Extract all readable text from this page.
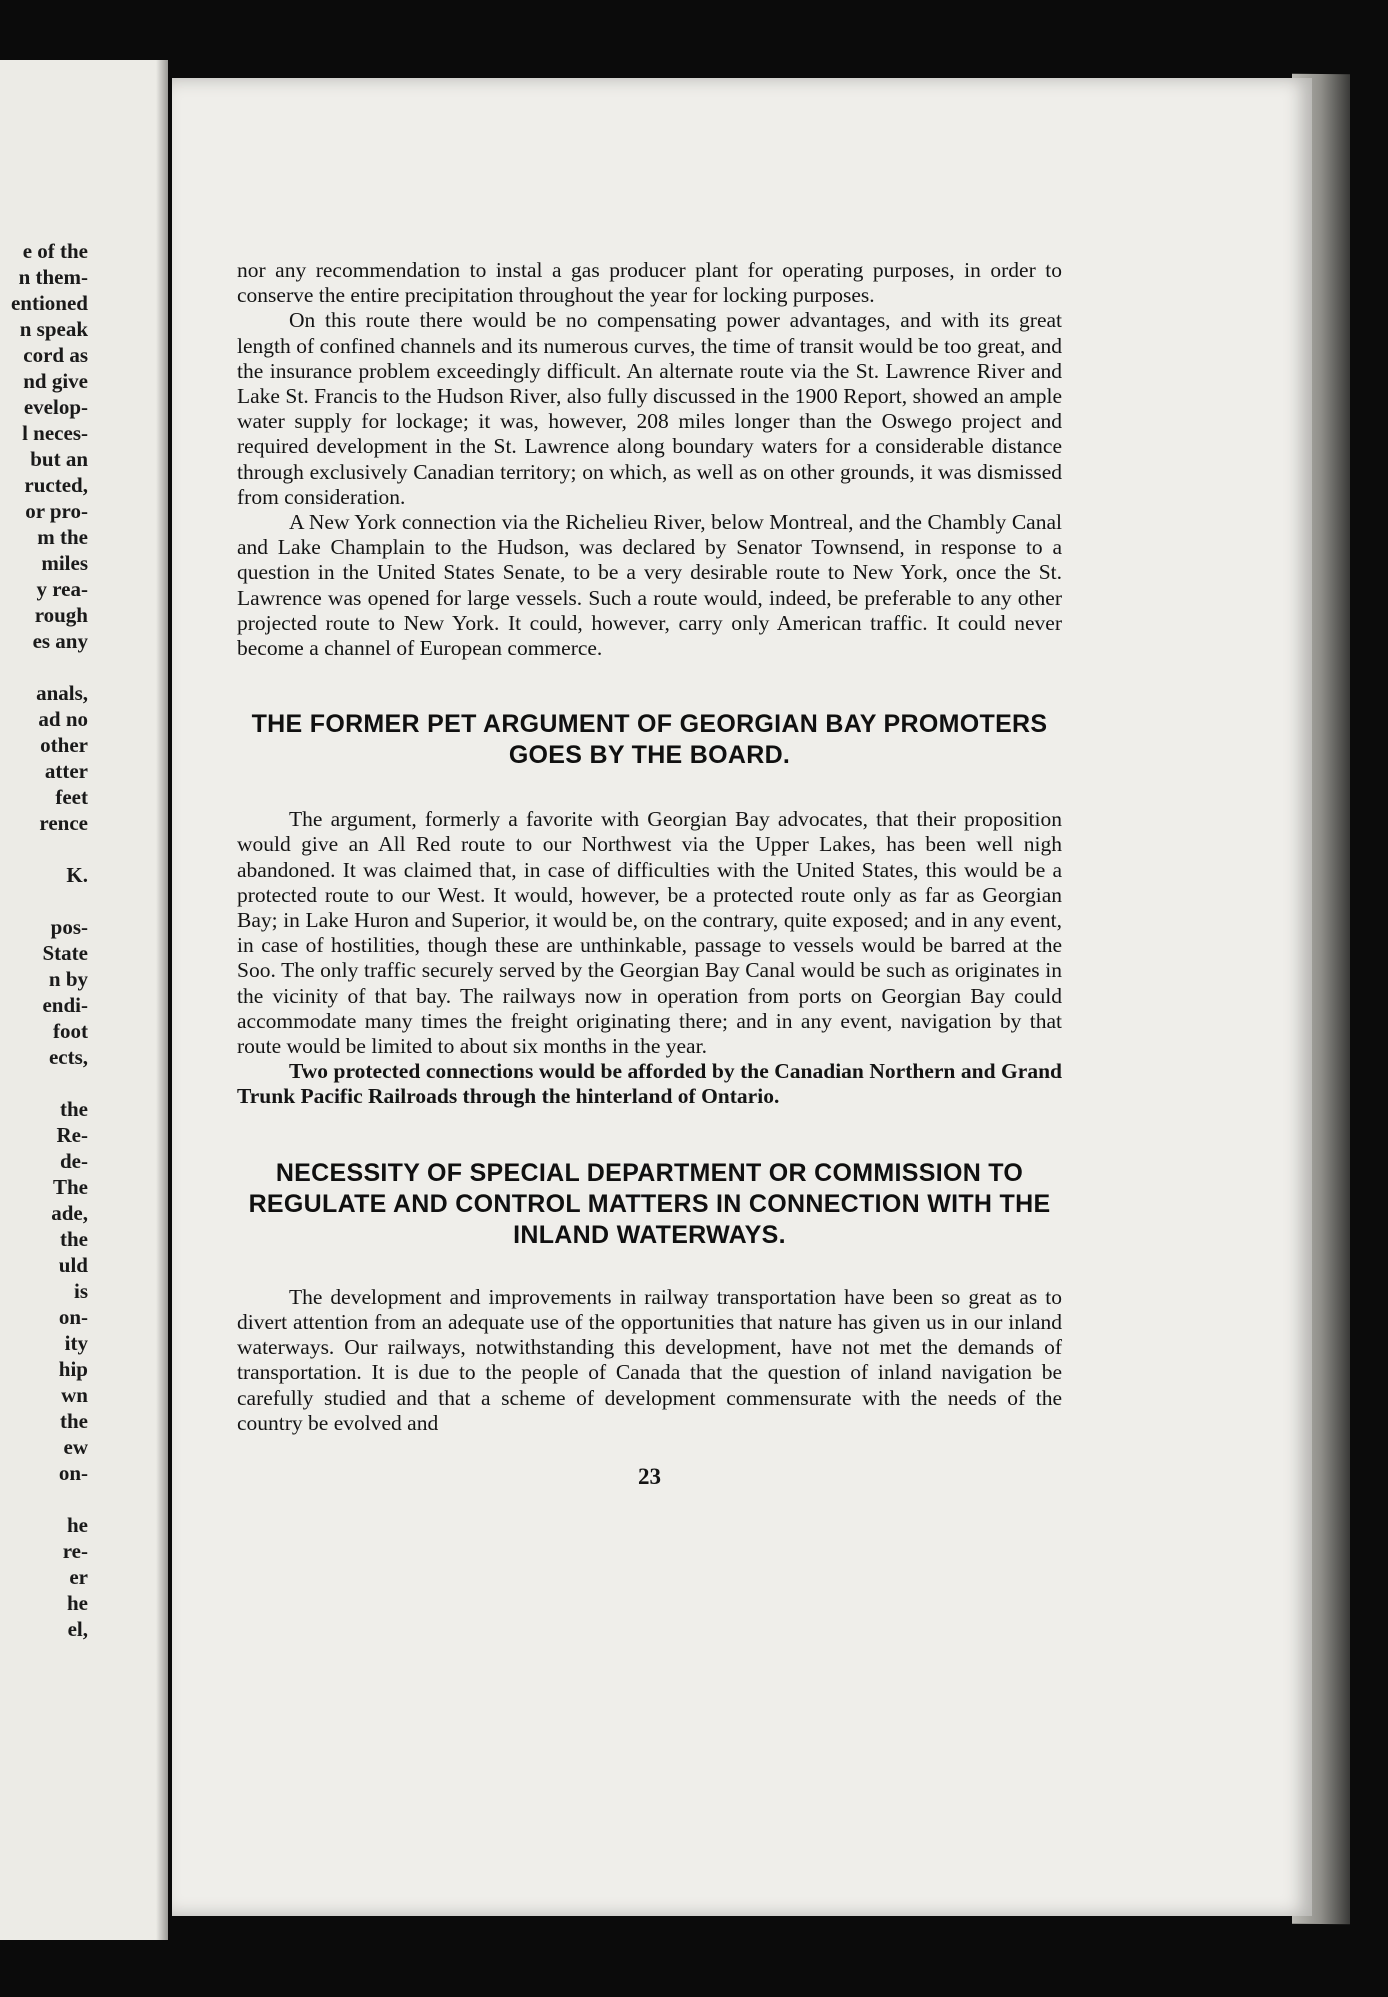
e of the
n them-
entioned
n speak
cord as
nd give
evelop-
l neces-
but an
ructed,
or pro-
m the
miles
y rea-
rough
es any
anals,
ad no
other
atter
feet
rence
K.
pos-
State
n by
endi-
foot
ects,
the
Re-
de-
The
ade,
the
uld
is
on-
ity
hip
wn
the
ew
on-
he
re-
er
he
el,

nor any recommendation to instal a gas producer plant for operating purposes, in order to conserve the entire precipitation throughout the year for locking purposes.

On this route there would be no compensating power advantages, and with its great length of confined channels and its numerous curves, the time of transit would be too great, and the insurance problem exceedingly difficult. An alternate route via the St. Lawrence River and Lake St. Francis to the Hudson River, also fully discussed in the 1900 Report, showed an ample water supply for lockage; it was, however, 208 miles longer than the Oswego project and required development in the St. Lawrence along boundary waters for a considerable distance through exclusively Canadian territory; on which, as well as on other grounds, it was dismissed from consideration.

A New York connection via the Richelieu River, below Montreal, and the Chambly Canal and Lake Champlain to the Hudson, was declared by Senator Townsend, in response to a question in the United States Senate, to be a very desirable route to New York, once the St. Lawrence was opened for large vessels. Such a route would, indeed, be preferable to any other projected route to New York. It could, however, carry only American traffic. It could never become a channel of European commerce.

THE FORMER PET ARGUMENT OF GEORGIAN BAY PROMOTERS GOES BY THE BOARD.

The argument, formerly a favorite with Georgian Bay advocates, that their proposition would give an All Red route to our Northwest via the Upper Lakes, has been well nigh abandoned. It was claimed that, in case of difficulties with the United States, this would be a protected route to our West. It would, however, be a protected route only as far as Georgian Bay; in Lake Huron and Superior, it would be, on the contrary, quite exposed; and in any event, in case of hostilities, though these are unthinkable, passage to vessels would be barred at the Soo. The only traffic securely served by the Georgian Bay Canal would be such as originates in the vicinity of that bay. The railways now in operation from ports on Georgian Bay could accommodate many times the freight originating there; and in any event, navigation by that route would be limited to about six months in the year.

Two protected connections would be afforded by the Canadian Northern and Grand Trunk Pacific Railroads through the hinterland of Ontario.

NECESSITY OF SPECIAL DEPARTMENT OR COMMISSION TO REGULATE AND CONTROL MATTERS IN CONNECTION WITH THE INLAND WATERWAYS.

The development and improvements in railway transportation have been so great as to divert attention from an adequate use of the opportunities that nature has given us in our inland waterways. Our railways, notwithstanding this development, have not met the demands of transportation. It is due to the people of Canada that the question of inland navigation be carefully studied and that a scheme of development commensurate with the needs of the country be evolved and

23
